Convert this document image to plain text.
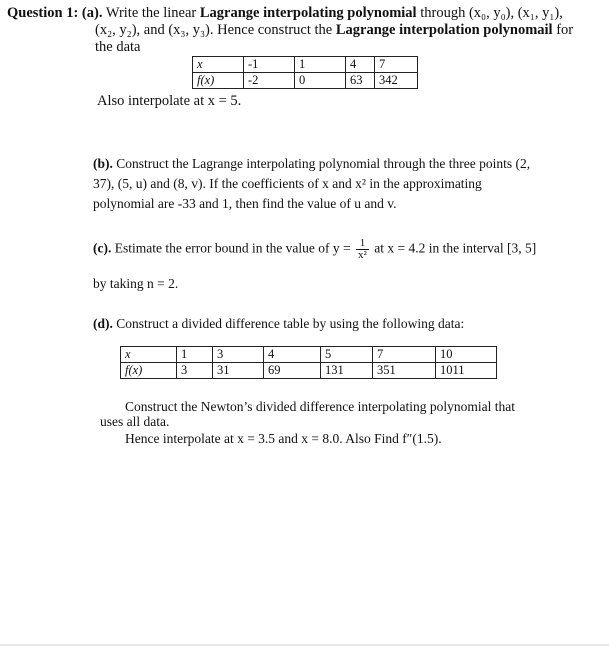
Question 1: (a). Write the linear Lagrange interpolating polynomial through (x₀, y₀), (x₁, y₁),
(x₂, y₂), and (x₃, y₃). Hence construct the Lagrange interpolation polynomail for
the data
x	-1	1	4	7
f(x)	-2	0	63	342
Also interpolate at x = 5.
(b). Construct the Lagrange interpolating polynomial through the three points (2,
37), (5, u) and (8, v). If the coefficients of x and x² in the approximating
polynomial are -33 and 1, then find the value of u and v.
(c). Estimate the error bound in the value of $y = \frac{1}{\text{x²}}$ at x = 4.2 in the interval [3, 5]
by taking n = 2.
(d). Construct a divided difference table by using the following data:
x	1	3	4	5	7	10
f(x)	3	31	69	131	351	1011
Construct the Newton’s divided difference interpolating polynomial that
uses all data.
Hence interpolate at x = 3.5 and x = 8.0. Also Find f″(1.5).
